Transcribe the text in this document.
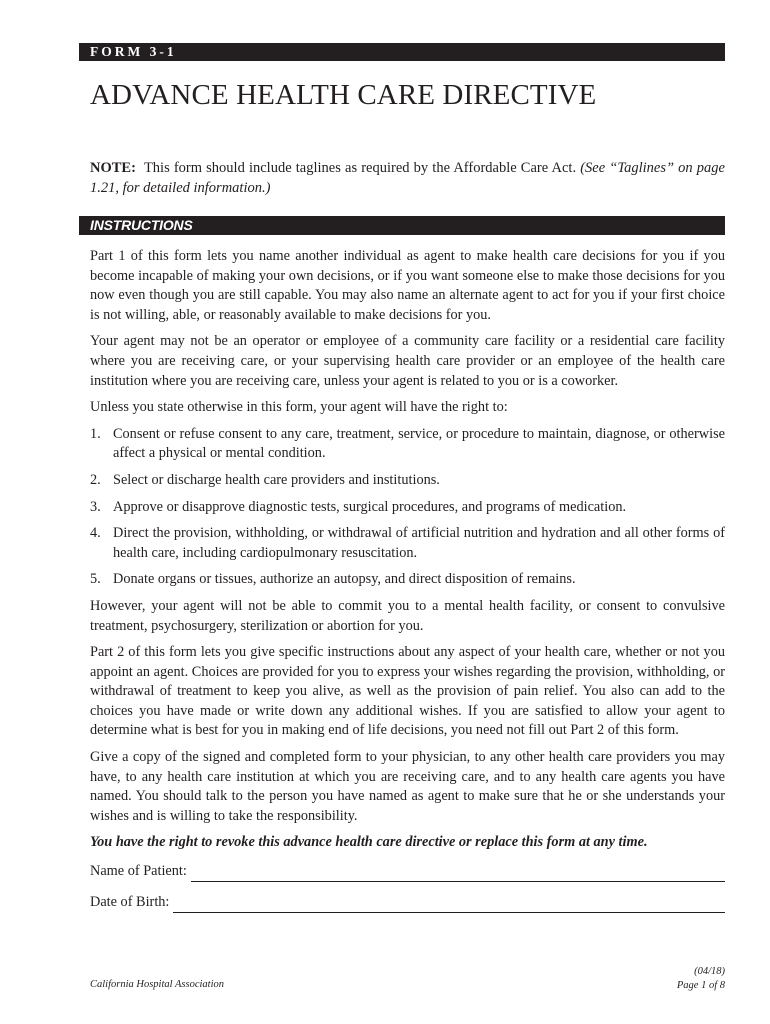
FORM 3-1
ADVANCE HEALTH CARE DIRECTIVE

NOTE: This form should include taglines as required by the Affordable Care Act. (See “Taglines” on page 1.21, for detailed information.)

INSTRUCTIONS

Part 1 of this form lets you name another individual as agent to make health care decisions for you if you become incapable of making your own decisions, or if you want someone else to make those decisions for you now even though you are still capable. You may also name an alternate agent to act for you if your first choice is not willing, able, or reasonably available to make decisions for you.

Your agent may not be an operator or employee of a community care facility or a residential care facility where you are receiving care, or your supervising health care provider or an employee of the health care institution where you are receiving care, unless your agent is related to you or is a coworker.

Unless you state otherwise in this form, your agent will have the right to:

1. Consent or refuse consent to any care, treatment, service, or procedure to maintain, diagnose, or otherwise affect a physical or mental condition.
2. Select or discharge health care providers and institutions.
3. Approve or disapprove diagnostic tests, surgical procedures, and programs of medication.
4. Direct the provision, withholding, or withdrawal of artificial nutrition and hydration and all other forms of health care, including cardiopulmonary resuscitation.
5. Donate organs or tissues, authorize an autopsy, and direct disposition of remains.

However, your agent will not be able to commit you to a mental health facility, or consent to convulsive treatment, psychosurgery, sterilization or abortion for you.

Part 2 of this form lets you give specific instructions about any aspect of your health care, whether or not you appoint an agent. Choices are provided for you to express your wishes regarding the provision, withholding, or withdrawal of treatment to keep you alive, as well as the provision of pain relief. You also can add to the choices you have made or write down any additional wishes. If you are satisfied to allow your agent to determine what is best for you in making end of life decisions, you need not fill out Part 2 of this form.

Give a copy of the signed and completed form to your physician, to any other health care providers you may have, to any health care institution at which you are receiving care, and to any health care agents you have named. You should talk to the person you have named as agent to make sure that he or she understands your wishes and is willing to take the responsibility.

You have the right to revoke this advance health care directive or replace this form at any time.

Name of Patient:
Date of Birth:
California Hospital Association
(04/18)
Page 1 of 8
